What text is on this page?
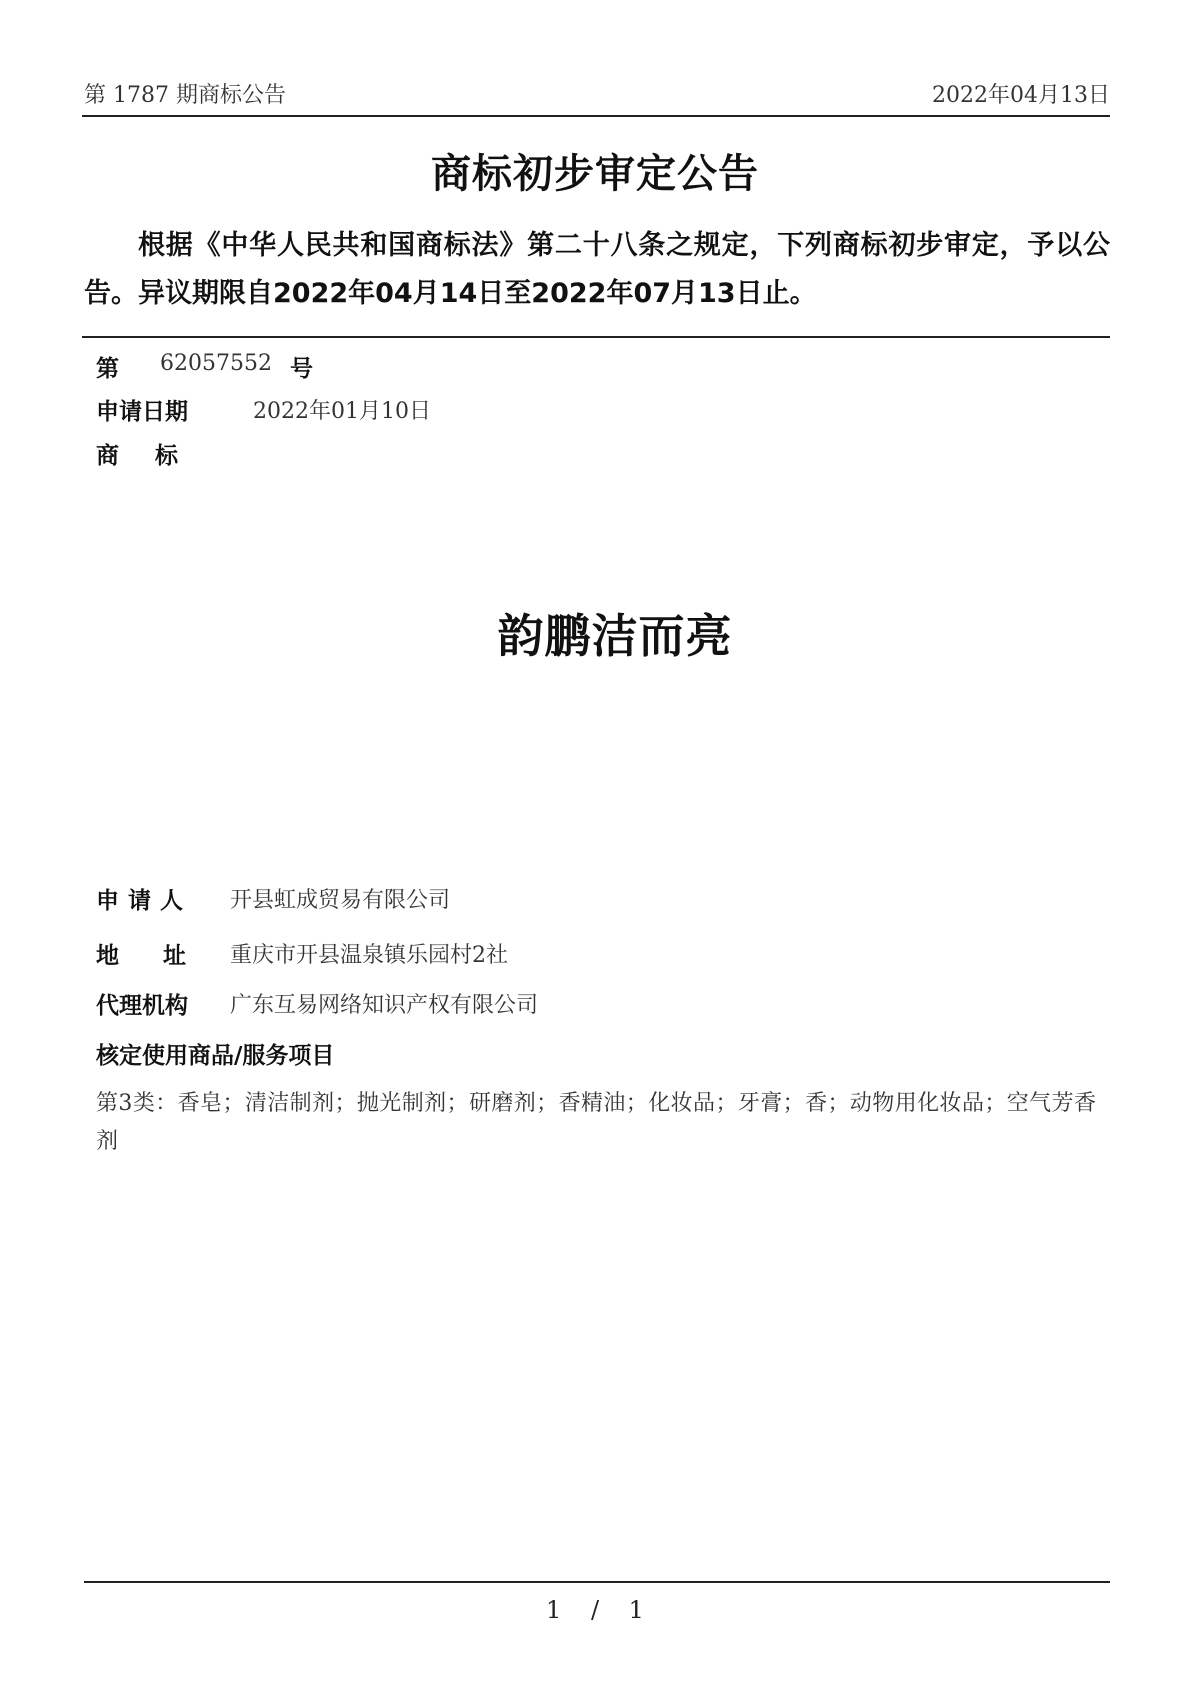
第 1787 期商标公告	2022年04月13日
商标初步审定公告
根据《中华人民共和国商标法》第二十八条之规定，下列商标初步审定，予以公告。异议期限自2022年04月14日至2022年07月13日止。
第 62057552 号
申请日期	2022年01月10日
商标
韵鹏洁而亮
申请人 开县虹成贸易有限公司
地址 重庆市开县温泉镇乐园村2社
代理机构 广东互易网络知识产权有限公司
核定使用商品/服务项目
第3类：香皂；清洁制剂；抛光制剂；研磨剂；香精油；化妆品；牙膏；香；动物用化妆品；空气芳香剂
1 / 1
